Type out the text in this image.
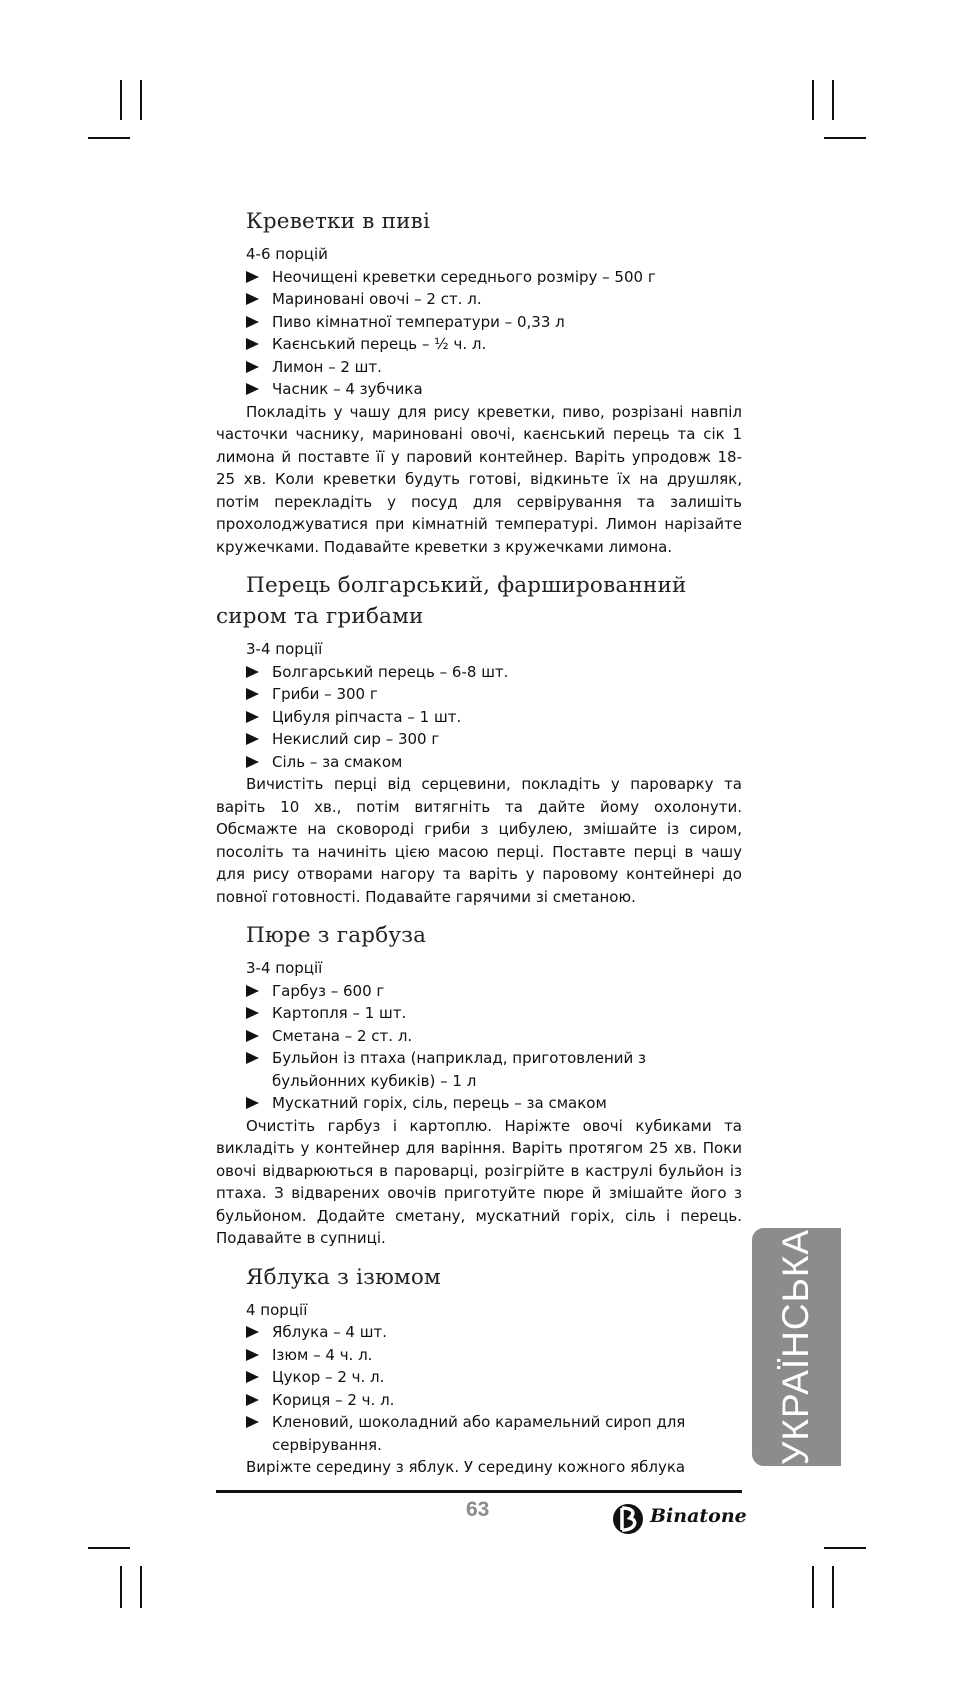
Креветки в пиві

4-6 порцій

Неочищені креветки середнього розміру – 500 г
Мариновані овочі – 2 ст. л.
Пиво кімнатної температури – 0,33 л
Каєнський перець – ½ ч. л.
Лимон – 2 шт.
Часник – 4 зубчика

Покладіть у чашу для рису креветки, пиво, розрізані навпіл часточки часнику, мариновані овочі, каєнський перець та сік 1 лимона й поставте її у паровий контейнер. Варіть упродовж 18-25 хв. Коли креветки будуть готові, відкиньте їх на друшляк, потім перекладіть у посуд для сервірування та залишіть прохолоджуватися при кімнатній температурі. Лимон нарізайте кружечками. Подавайте креветки з кружечками лимона.

Перець болгарський, фаршированний сиром та грибами

3-4 порції

Болгарський перець – 6-8 шт.
Гриби – 300 г
Цибуля ріпчаста – 1 шт.
Некислий сир – 300 г
Сіль – за смаком

Вичистіть перці від серцевини, покладіть у пароварку та варіть 10 хв., потім витягніть та дайте йому охолонути. Обсмажте на сковороді гриби з цибулею, змішайте із сиром, посоліть та начиніть цією масою перці. Поставте перці в чашу для рису отворами нагору та варіть у паровому контейнері до повної готовності. Подавайте гарячими зі сметаною.

Пюре з гарбуза

3-4 порції

Гарбуз – 600 г
Картопля – 1 шт.
Сметана – 2 ст. л.
Бульйон із птаха (наприклад, приготовлений з бульйонних кубиків) – 1 л
Мускатний горіх, сіль, перець – за смаком

Очистіть гарбуз і картоплю. Наріжте овочі кубиками та викладіть у контейнер для варіння. Варіть протягом 25 хв. Поки овочі відварюються в пароварці, розігрійте в каструлі бульйон із птаха. З відварених овочів приготуйте пюре й змішайте його з бульйоном. Додайте сметану, мускатний горіх, сіль і перець. Подавайте в супниці.

Яблука з ізюмом

4 порції

Яблука – 4 шт.
Ізюм – 4 ч. л.
Цукор – 2 ч. л.
Кориця – 2 ч. л.
Кленовий, шоколадний або карамельний сироп для сервірування.

Виріжте середину з яблук. У середину кожного яблука

УКРАЇНСЬКА
63	Binatone
